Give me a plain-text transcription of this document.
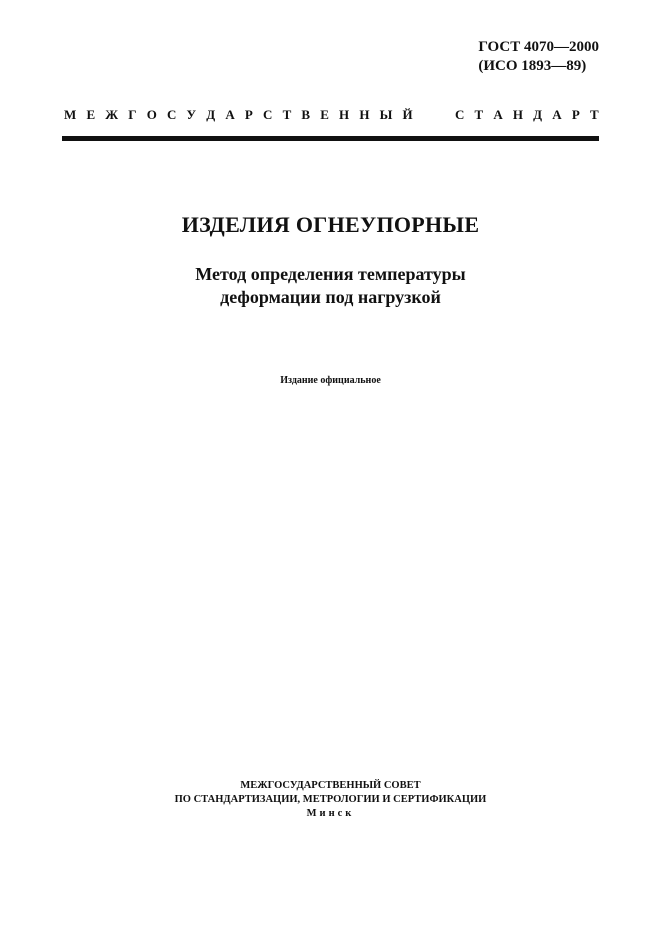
ГОСТ 4070—2000
(ИСО 1893—89)
М Е Ж Г О С У Д А Р С Т В Е Н Н Ы Й	С Т А Н Д А Р Т
ИЗДЕЛИЯ ОГНЕУПОРНЫЕ
Метод определения температуры
деформации под нагрузкой
Издание официальное
МЕЖГОСУДАРСТВЕННЫЙ СОВЕТ
ПО СТАНДАРТИЗАЦИИ, МЕТРОЛОГИИ И СЕРТИФИКАЦИИ
Минск
